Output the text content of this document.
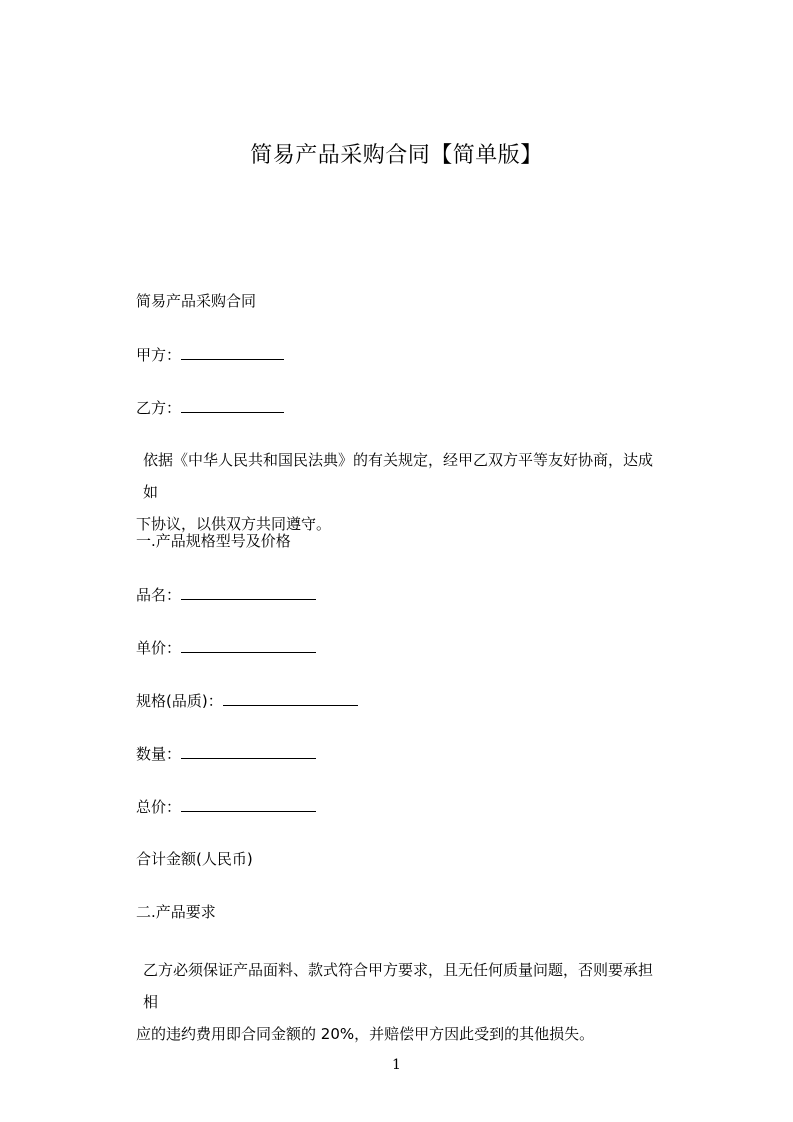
简易产品采购合同【简单版】
简易产品采购合同
甲方：
乙方：
依据《中华人民共和国民法典》的有关规定，经甲乙双方平等友好协商，达成如
下协议，以供双方共同遵守。
一.产品规格型号及价格
品名：
单价：
规格(品质)：
数量：
总价：
合计金额(人民币)
二.产品要求
乙方必须保证产品面料、款式符合甲方要求，且无任何质量问题，否则要承担相
应的违约费用即合同金额的 20%，并赔偿甲方因此受到的其他损失。
1
